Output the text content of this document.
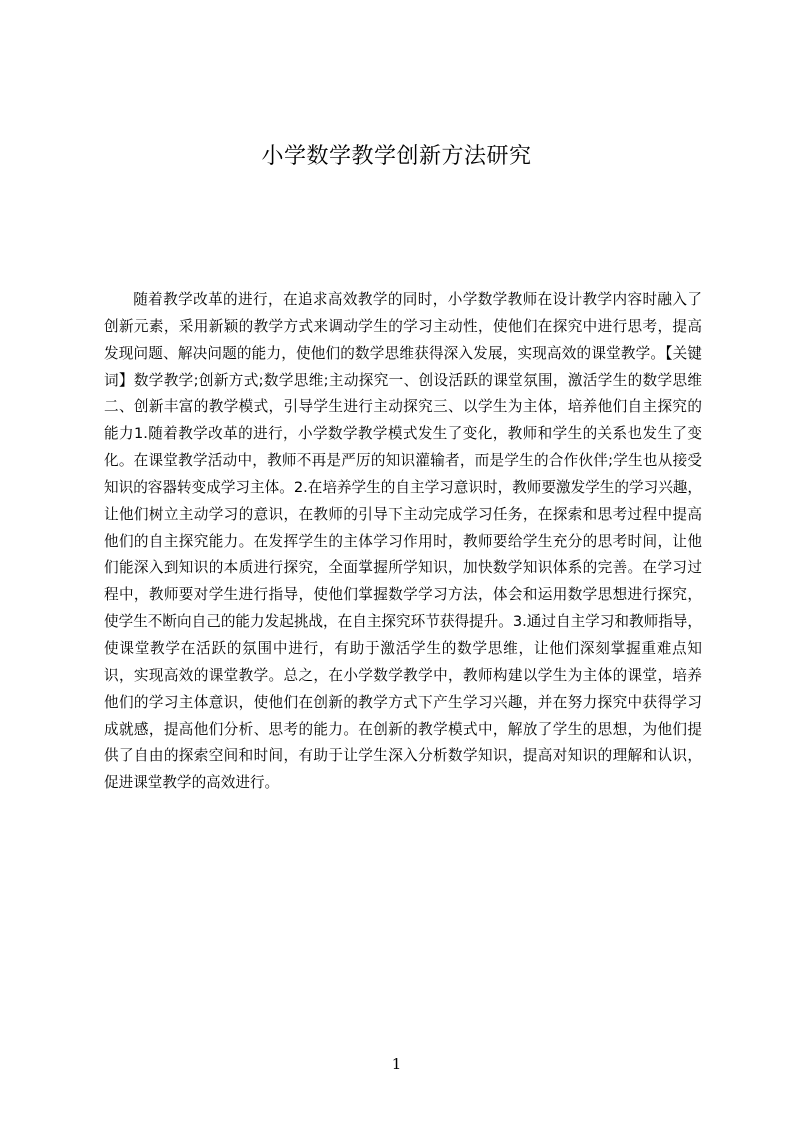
小学数学教学创新方法研究

随着教学改革的进行，在追求高效教学的同时，小学数学教师在设计教学内容时融入了创新元素，采用新颖的教学方式来调动学生的学习主动性，使他们在探究中进行思考，提高发现问题、解决问题的能力，使他们的数学思维获得深入发展，实现高效的课堂教学。【关键词】数学教学;创新方式;数学思维;主动探究一、创设活跃的课堂氛围，激活学生的数学思维二、创新丰富的教学模式，引导学生进行主动探究三、以学生为主体，培养他们自主探究的能力1.随着教学改革的进行，小学数学教学模式发生了变化，教师和学生的关系也发生了变化。在课堂教学活动中，教师不再是严厉的知识灌输者，而是学生的合作伙伴;学生也从接受知识的容器转变成学习主体。2.在培养学生的自主学习意识时，教师要激发学生的学习兴趣，让他们树立主动学习的意识，在教师的引导下主动完成学习任务，在探索和思考过程中提高他们的自主探究能力。在发挥学生的主体学习作用时，教师要给学生充分的思考时间，让他们能深入到知识的本质进行探究，全面掌握所学知识，加快数学知识体系的完善。在学习过程中，教师要对学生进行指导，使他们掌握数学学习方法，体会和运用数学思想进行探究，使学生不断向自己的能力发起挑战，在自主探究环节获得提升。3.通过自主学习和教师指导，使课堂教学在活跃的氛围中进行，有助于激活学生的数学思维，让他们深刻掌握重难点知识，实现高效的课堂教学。总之，在小学数学教学中，教师构建以学生为主体的课堂，培养他们的学习主体意识，使他们在创新的教学方式下产生学习兴趣，并在努力探究中获得学习成就感，提高他们分析、思考的能力。在创新的教学模式中，解放了学生的思想，为他们提供了自由的探索空间和时间，有助于让学生深入分析数学知识，提高对知识的理解和认识，促进课堂教学的高效进行。

1
